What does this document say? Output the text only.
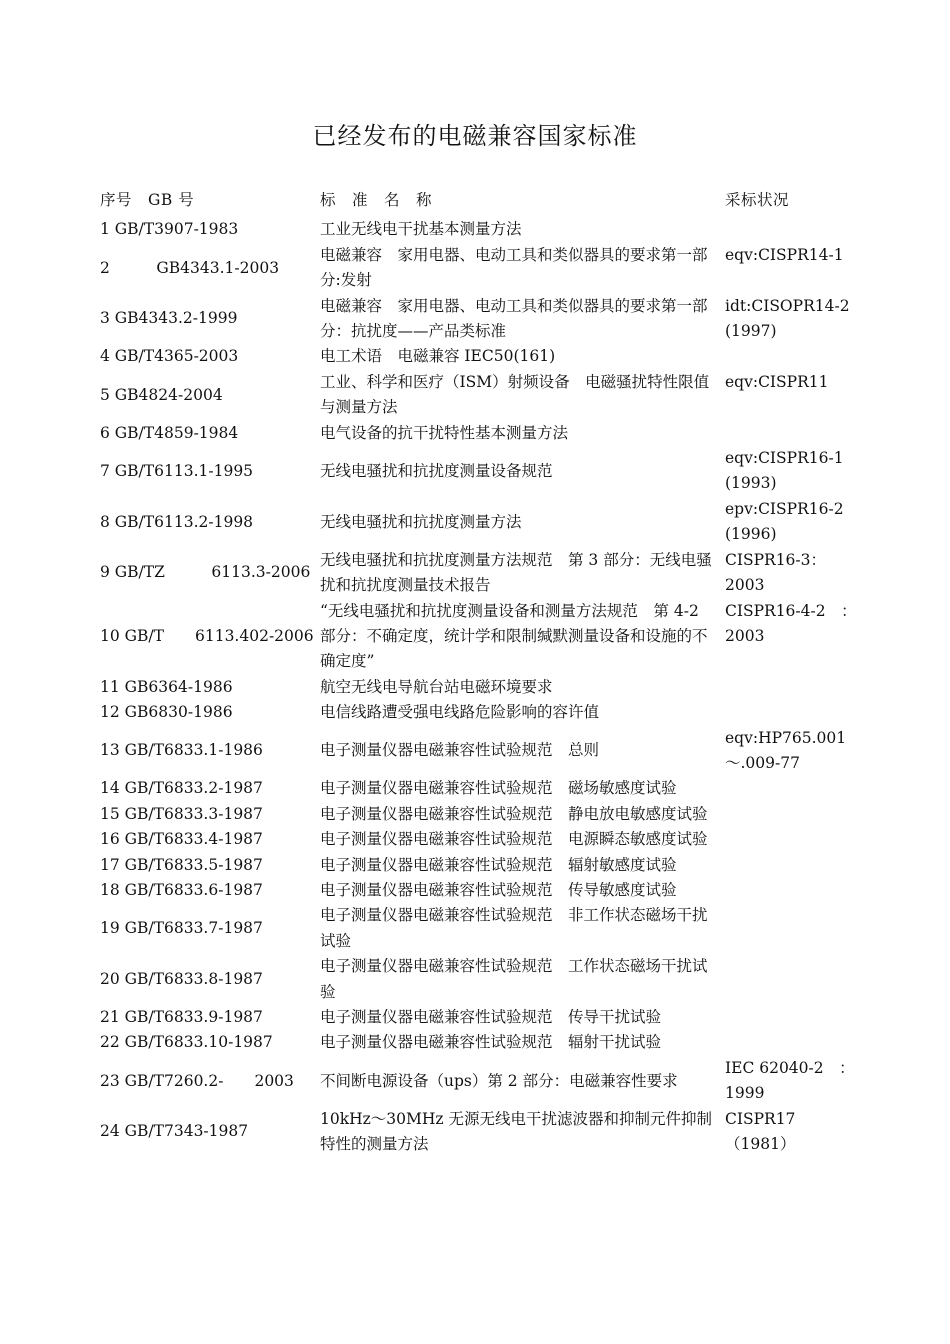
已经发布的电磁兼容国家标准
序号　GB 号	标　准　名　称	采标状况
1 GB/T3907-1983	工业无线电干扰基本测量方法	
2　　　GB4343.1-2003	电磁兼容　家用电器、电动工具和类似器具的要求第一部分:发射	eqv:CISPR14-1
3 GB4343.2-1999	电磁兼容　家用电器、电动工具和类似器具的要求第一部分：抗扰度——产品类标准	idt:CISOPR14-2 (1997)
4 GB/T4365-2003	电工术语　电磁兼容 IEC50(161)	
5 GB4824-2004	工业、科学和医疗（ISM）射频设备　电磁骚扰特性限值与测量方法	eqv:CISPR11
6 GB/T4859-1984	电气设备的抗干扰特性基本测量方法	
7 GB/T6113.1-1995	无线电骚扰和抗扰度测量设备规范	eqv:CISPR16-1 (1993)
8 GB/T6113.2-1998	无线电骚扰和抗扰度测量方法	epv:CISPR16-2 (1996)
9 GB/TZ　　　6113.3-2006	无线电骚扰和抗扰度测量方法规范　第 3 部分：无线电骚扰和抗扰度测量技术报告	CISPR16-3：2003
10 GB/T　　6113.402-2006	“无线电骚扰和抗扰度测量设备和测量方法规范　第 4-2 部分：不确定度，统计学和限制缄默测量设备和设施的不确定度”	CISPR16-4-2　：2003
11 GB6364-1986	航空无线电导航台站电磁环境要求	
12 GB6830-1986	电信线路遭受强电线路危险影响的容许值	
13 GB/T6833.1-1986	电子测量仪器电磁兼容性试验规范　总则	eqv:HP765.001 ～.009-77
14 GB/T6833.2-1987	电子测量仪器电磁兼容性试验规范　磁场敏感度试验	
15 GB/T6833.3-1987	电子测量仪器电磁兼容性试验规范　静电放电敏感度试验	
16 GB/T6833.4-1987	电子测量仪器电磁兼容性试验规范　电源瞬态敏感度试验	
17 GB/T6833.5-1987	电子测量仪器电磁兼容性试验规范　辐射敏感度试验	
18 GB/T6833.6-1987	电子测量仪器电磁兼容性试验规范　传导敏感度试验	
19 GB/T6833.7-1987	电子测量仪器电磁兼容性试验规范　非工作状态磁场干扰试验	
20 GB/T6833.8-1987	电子测量仪器电磁兼容性试验规范　工作状态磁场干扰试验	
21 GB/T6833.9-1987	电子测量仪器电磁兼容性试验规范　传导干扰试验	
22 GB/T6833.10-1987	电子测量仪器电磁兼容性试验规范　辐射干扰试验	
23 GB/T7260.2-　　2003	不间断电源设备（ups）第 2 部分：电磁兼容性要求	IEC 62040-2　：1999
24 GB/T7343-1987	10kHz～30MHz 无源无线电干扰滤波器和抑制元件抑制特性的测量方法	CISPR17 （1981）
